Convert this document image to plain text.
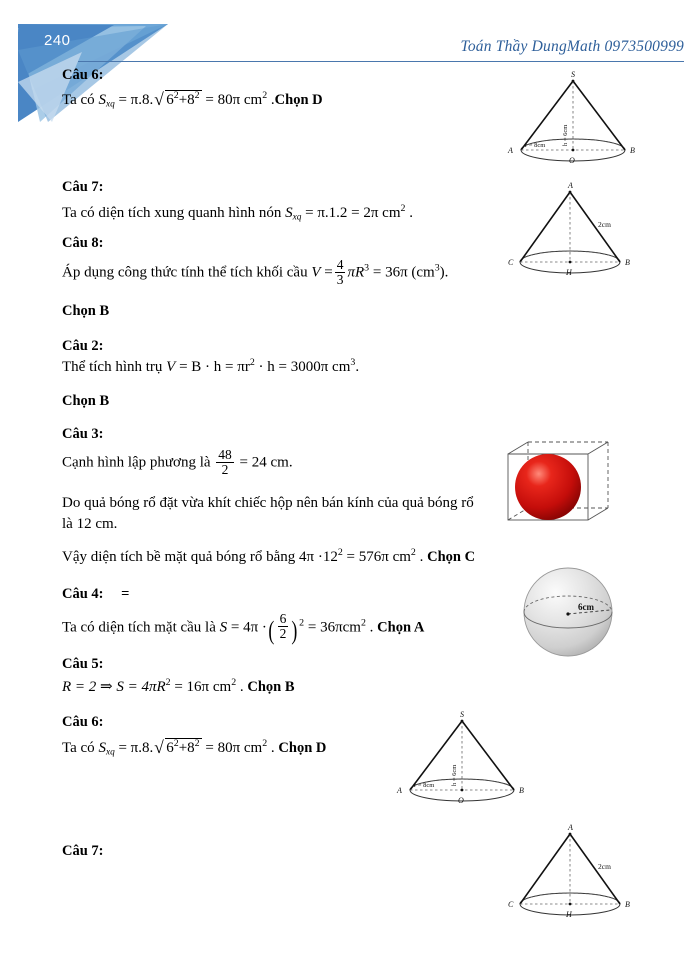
240	Toán Thầy DungMath 0973500999
Câu 6:
Ta có $S_{xq} = \pi.8$. √ $6^2+8^2 = 80\pi$ $cm^2$ .Chọn D
Câu 7:
Ta có diện tích xung quanh hình nón $S_{xq} = \pi.1.2 = 2\pi$ $cm^2$ .
Câu 8:
Áp dụng công thức tính thể tích khối cầu $V = \frac{4}{3} \pi R^3 = 36\pi$ $(cm^3)$.
Chọn B
Câu 2:
Thể tích hình trụ $V = B \cdot h = \pi r^2 \cdot h = 3000\pi$ $cm^3$.
Chọn B
Câu 3:
Cạnh hình lập phương là $\frac{48}{2} = 24$ cm.
Do quả bóng rổ đặt vừa khít chiếc hộp nên bán kính của quả bóng rổ
là 12 cm.
Vậy diện tích bề mặt quả bóng rổ bằng $4\pi \cdot 12^2 = 576\pi$ $cm^2$ . Chọn C
Câu 4: =
Ta có diện tích mặt cầu là S = 4π ·( $\frac{6}{2} )^2 = 36\pi cm^2$ . Chọn A
Câu 5:
R = 2 ⇒ $S = 4\pi R^2 = 16\pi$ $cm^2$ . Chọn B
Câu 6:
Ta có $S_{xq} = \pi.8$. √ $6^2+8^2 = 80\pi$ $cm^2$ . Chọn D
Câu 7:
S
A	B
O
r = 8cm	h = 6cm
A
C	B
H
2cm
6cm
S
A	B
O
r = 8cm	h = 6cm
A
C	B
H
2cm
